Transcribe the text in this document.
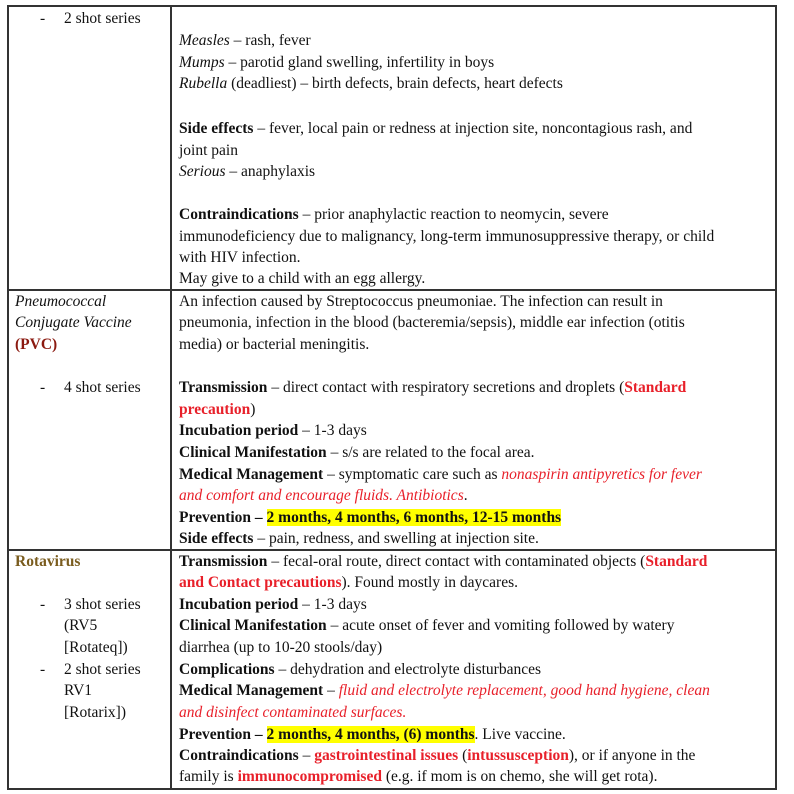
- 2 shot series
Measles – rash, fever
Mumps – parotid gland swelling, infertility in boys
Rubella (deadliest) – birth defects, brain defects, heart defects
Side effects – fever, local pain or redness at injection site, noncontagious rash, and
joint pain
Serious – anaphylaxis
Contraindications – prior anaphylactic reaction to neomycin, severe
immunodeficiency due to malignancy, long-term immunosuppressive therapy, or child
with HIV infection.
May give to a child with an egg allergy.
Pneumococcal
Conjugate Vaccine
(PVC)
- 4 shot series
An infection caused by Streptococcus pneumoniae. The infection can result in
pneumonia, infection in the blood (bacteremia/sepsis), middle ear infection (otitis
media) or bacterial meningitis.
Transmission – direct contact with respiratory secretions and droplets (Standard
precaution)
Incubation period – 1-3 days
Clinical Manifestation – s/s are related to the focal area.
Medical Management – symptomatic care such as nonaspirin antipyretics for fever
and comfort and encourage fluids. Antibiotics.
Prevention – 2 months, 4 months, 6 months, 12-15 months
Side effects – pain, redness, and swelling at injection site.
Rotavirus
- 3 shot series
(RV5
[Rotateq])
- 2 shot series
RV1
[Rotarix])
Transmission – fecal-oral route, direct contact with contaminated objects (Standard
and Contact precautions). Found mostly in daycares.
Incubation period – 1-3 days
Clinical Manifestation – acute onset of fever and vomiting followed by watery
diarrhea (up to 10-20 stools/day)
Complications – dehydration and electrolyte disturbances
Medical Management – fluid and electrolyte replacement, good hand hygiene, clean
and disinfect contaminated surfaces.
Prevention – 2 months, 4 months, (6) months. Live vaccine.
Contraindications – gastrointestinal issues (intussusception), or if anyone in the
family is immunocompromised (e.g. if mom is on chemo, she will get rota).
